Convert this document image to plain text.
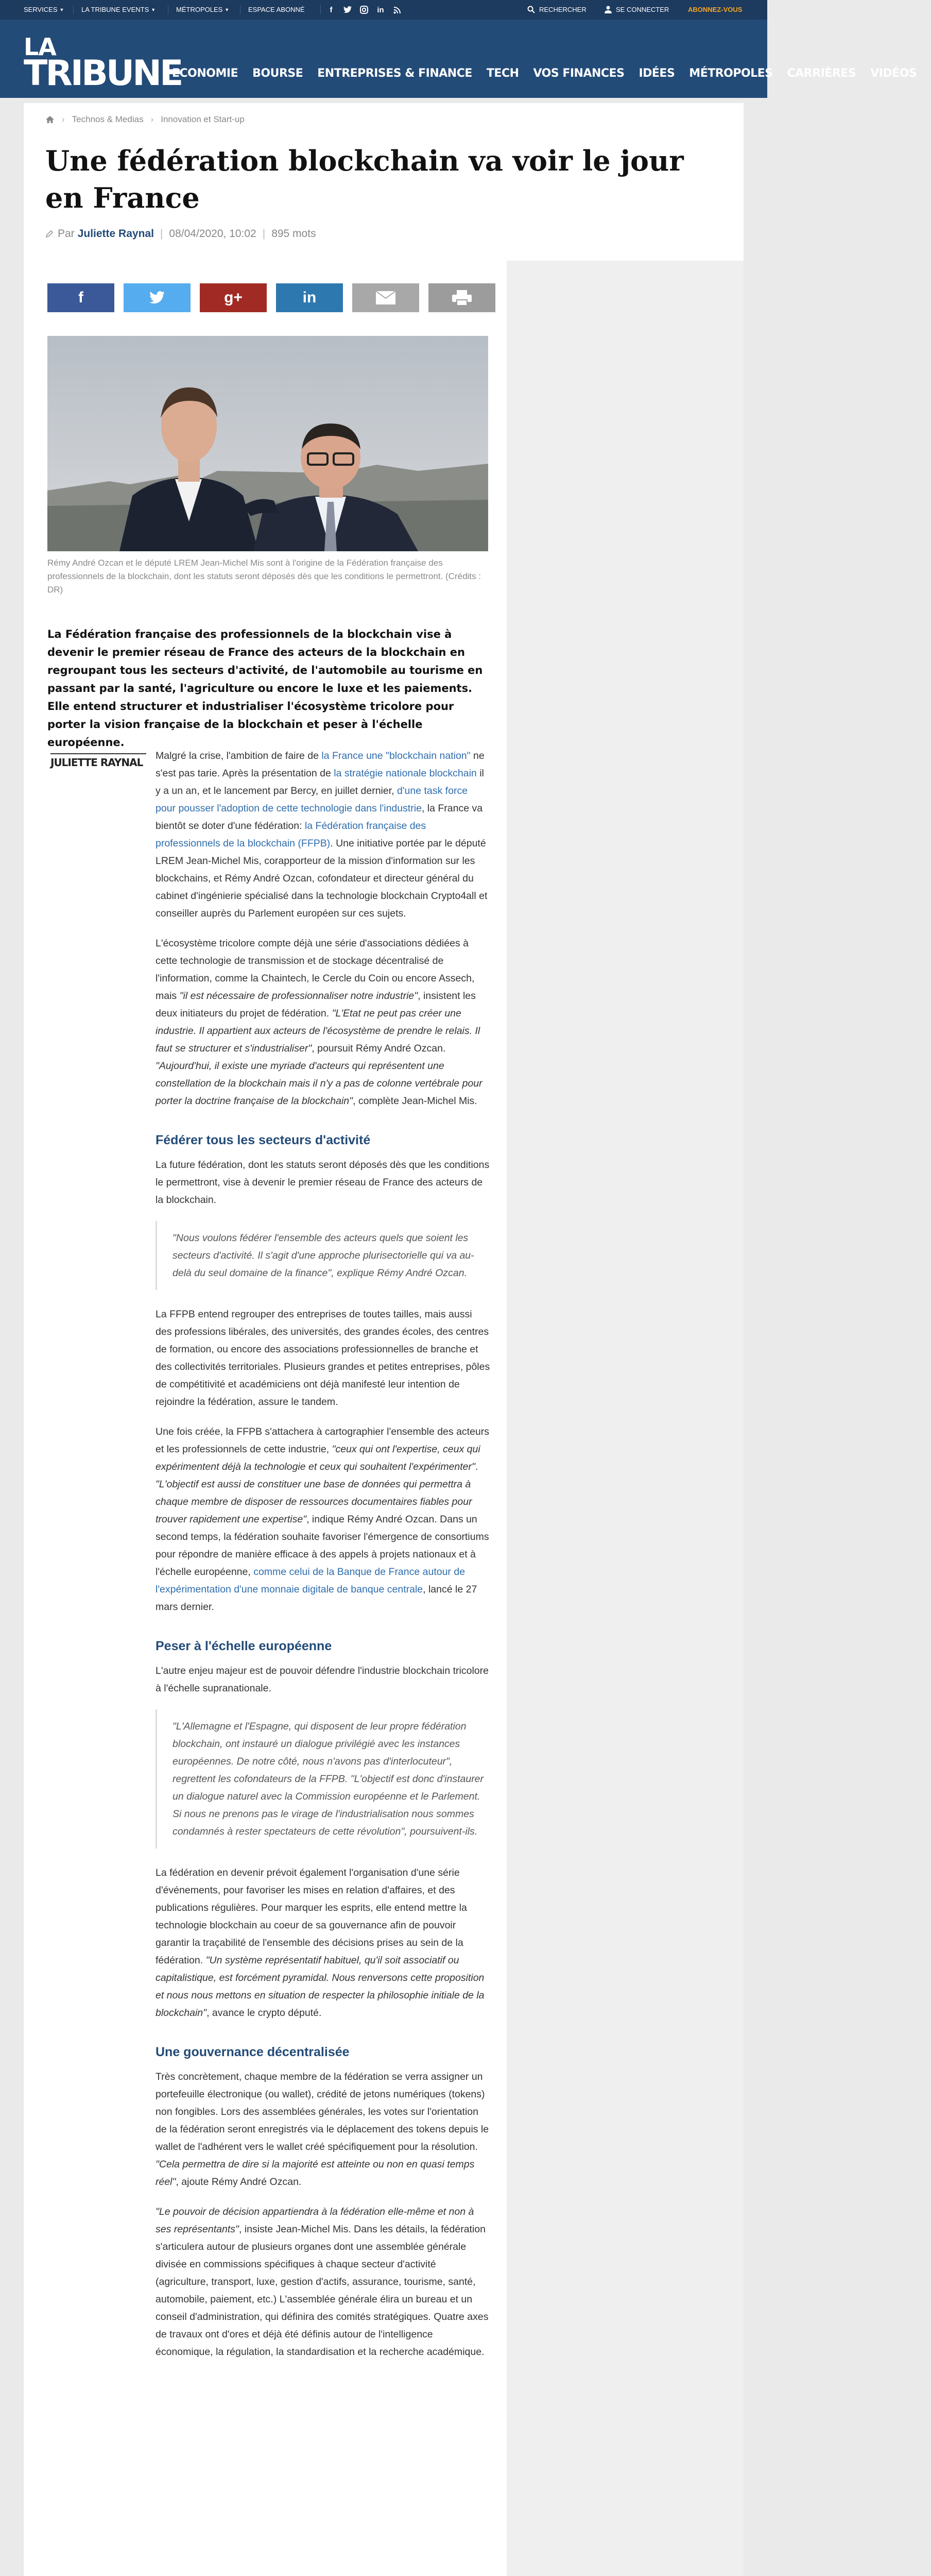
SERVICES ▼	LA TRIBUNE EVENTS ▼	MÉTROPOLES ▼	ESPACE ABONNÉ	f	in	RECHERCHER	SE CONNECTER	ABONNEZ-VOUS
LA
TRIBUNE
ECONOMIE BOURSE ENTREPRISES & FINANCE TECH VOS FINANCES IDÉES MÉTROPOLES CARRIÈRES VIDÉOS
› Technos & Medias › Innovation et Start-up
Une fédération blockchain va voir le jour en France
Par Juliette Raynal | 08/04/2020, 10:02 | 895 mots
f	g+	in

Rémy André Ozcan et le député LREM Jean-Michel Mis sont à l'origine de la Fédération française des professionnels de la blockchain, dont les statuts seront déposés dès que les conditions le permettront. (Crédits : DR)

La Fédération française des professionnels de la blockchain vise à devenir le premier réseau de France des acteurs de la blockchain en regroupant tous les secteurs d'activité, de l'automobile au tourisme en passant par la santé, l'agriculture ou encore le luxe et les paiements. Elle entend structurer et industrialiser l'écosystème tricolore pour porter la vision française de la blockchain et peser à l'échelle européenne.

JULIETTE RAYNAL

Malgré la crise, l'ambition de faire de la France une "blockchain nation" ne s'est pas tarie. Après la présentation de la stratégie nationale blockchain il y a un an, et le lancement par Bercy, en juillet dernier, d'une task force pour pousser l'adoption de cette technologie dans l'industrie, la France va bientôt se doter d'une fédération: la Fédération française des professionnels de la blockchain (FFPB). Une initiative portée par le député LREM Jean-Michel Mis, corapporteur de la mission d'information sur les blockchains, et Rémy André Ozcan, cofondateur et directeur général du cabinet d'ingénierie spécialisé dans la technologie blockchain Crypto4all et conseiller auprès du Parlement européen sur ces sujets.

L'écosystème tricolore compte déjà une série d'associations dédiées à cette technologie de transmission et de stockage décentralisé de l'information, comme la Chaintech, le Cercle du Coin ou encore Assech, mais "il est nécessaire de professionnaliser notre industrie", insistent les deux initiateurs du projet de fédération. "L'Etat ne peut pas créer une industrie. Il appartient aux acteurs de l'écosystème de prendre le relais. Il faut se structurer et s'industrialiser", poursuit Rémy André Ozcan. "Aujourd'hui, il existe une myriade d'acteurs qui représentent une constellation de la blockchain mais il n'y a pas de colonne vertébrale pour porter la doctrine française de la blockchain", complète Jean-Michel Mis.

Fédérer tous les secteurs d'activité

La future fédération, dont les statuts seront déposés dès que les conditions le permettront, vise à devenir le premier réseau de France des acteurs de la blockchain.

"Nous voulons fédérer l'ensemble des acteurs quels que soient les secteurs d'activité. Il s'agit d'une approche plurisectorielle qui va au-delà du seul domaine de la finance", explique Rémy André Ozcan.

La FFPB entend regrouper des entreprises de toutes tailles, mais aussi des professions libérales, des universités, des grandes écoles, des centres de formation, ou encore des associations professionnelles de branche et des collectivités territoriales. Plusieurs grandes et petites entreprises, pôles de compétitivité et académiciens ont déjà manifesté leur intention de rejoindre la fédération, assure le tandem.

Une fois créée, la FFPB s'attachera à cartographier l'ensemble des acteurs et les professionnels de cette industrie, "ceux qui ont l'expertise, ceux qui expérimentent déjà la technologie et ceux qui souhaitent l'expérimenter". "L'objectif est aussi de constituer une base de données qui permettra à chaque membre de disposer de ressources documentaires fiables pour trouver rapidement une expertise", indique Rémy André Ozcan. Dans un second temps, la fédération souhaite favoriser l'émergence de consortiums pour répondre de manière efficace à des appels à projets nationaux et à l'échelle européenne, comme celui de la Banque de France autour de l'expérimentation d'une monnaie digitale de banque centrale, lancé le 27 mars dernier.

Peser à l'échelle européenne

L'autre enjeu majeur est de pouvoir défendre l'industrie blockchain tricolore à l'échelle supranationale.

"L'Allemagne et l'Espagne, qui disposent de leur propre fédération blockchain, ont instauré un dialogue privilégié avec les instances européennes. De notre côté, nous n'avons pas d'interlocuteur", regrettent les cofondateurs de la FFPB. "L'objectif est donc d'instaurer un dialogue naturel avec la Commission européenne et le Parlement. Si nous ne prenons pas le virage de l'industrialisation nous sommes condamnés à rester spectateurs de cette révolution", poursuivent-ils.

La fédération en devenir prévoit également l'organisation d'une série d'événements, pour favoriser les mises en relation d'affaires, et des publications régulières. Pour marquer les esprits, elle entend mettre la technologie blockchain au coeur de sa gouvernance afin de pouvoir garantir la traçabilité de l'ensemble des décisions prises au sein de la fédération. "Un système représentatif habituel, qu'il soit associatif ou capitalistique, est forcément pyramidal. Nous renversons cette proposition et nous nous mettons en situation de respecter la philosophie initiale de la blockchain", avance le crypto député.

Une gouvernance décentralisée

Très concrètement, chaque membre de la fédération se verra assigner un portefeuille électronique (ou wallet), crédité de jetons numériques (tokens) non fongibles. Lors des assemblées générales, les votes sur l'orientation de la fédération seront enregistrés via le déplacement des tokens depuis le wallet de l'adhérent vers le wallet créé spécifiquement pour la résolution. "Cela permettra de dire si la majorité est atteinte ou non en quasi temps réel", ajoute Rémy André Ozcan.

"Le pouvoir de décision appartiendra à la fédération elle-même et non à ses représentants", insiste Jean-Michel Mis. Dans les détails, la fédération s'articulera autour de plusieurs organes dont une assemblée générale divisée en commissions spécifiques à chaque secteur d'activité (agriculture, transport, luxe, gestion d'actifs, assurance, tourisme, santé, automobile, paiement, etc.) L'assemblée générale élira un bureau et un conseil d'administration, qui définira des comités stratégiques. Quatre axes de travaux ont d'ores et déjà été définis autour de l'intelligence économique, la régulation, la standardisation et la recherche académique.
